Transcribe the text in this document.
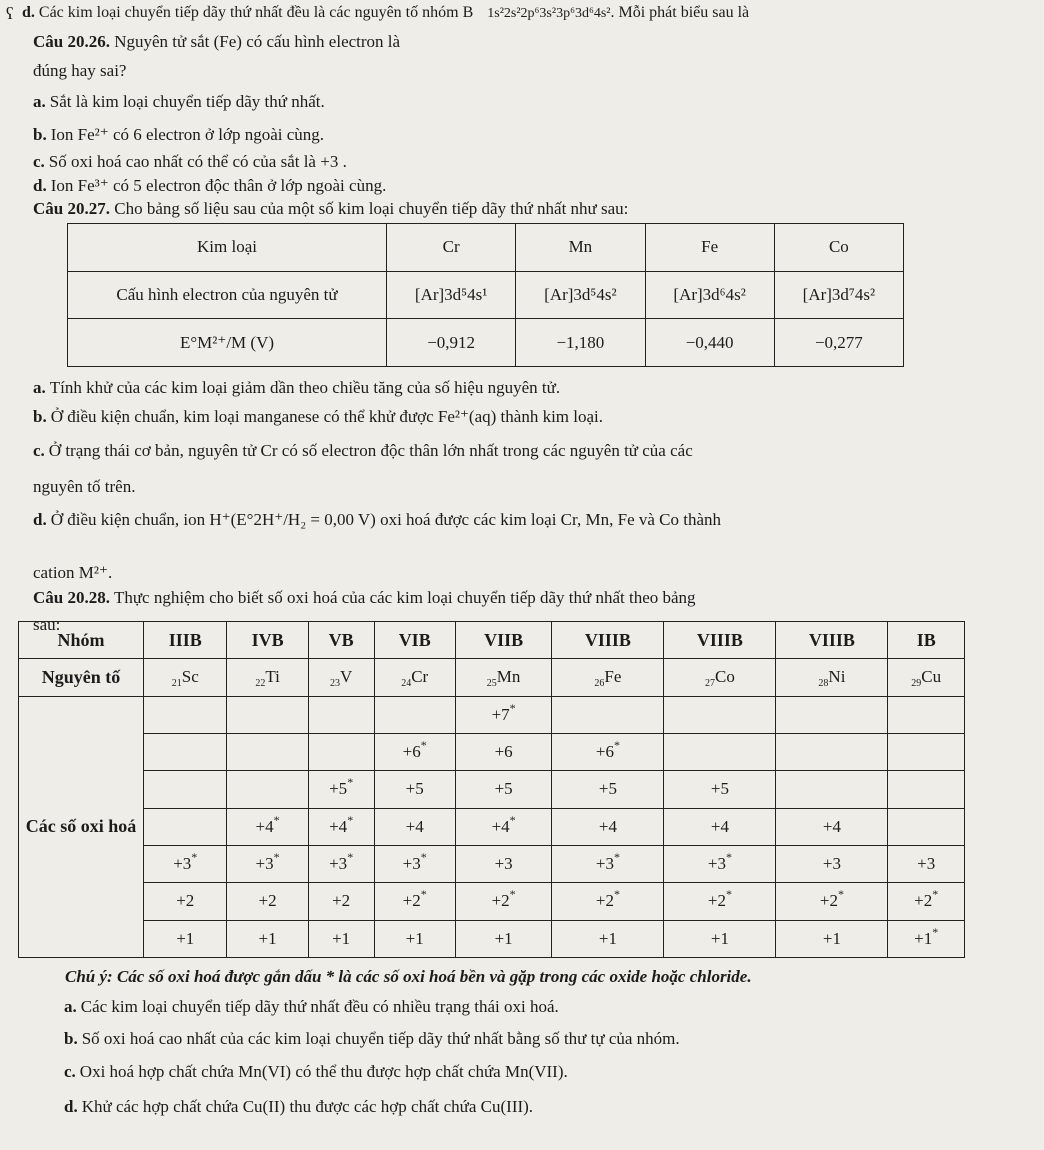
ʕ d. Các kim loại chuyển tiếp dãy thứ nhất đều là các nguyên tố nhóm B 1s²2s²2p⁶3s²3p⁶3d⁶4s². Mỗi phát biểu sau là
Câu 20.26. Nguyên tử sắt (Fe) có cấu hình electron là
đúng hay sai?
a. Sắt là kim loại chuyển tiếp dãy thứ nhất.
b. Ion Fe²⁺ có 6 electron ở lớp ngoài cùng.
c. Số oxi hoá cao nhất có thể có của sắt là +3 .
d. Ion Fe³⁺ có 5 electron độc thân ở lớp ngoài cùng.
Câu 20.27. Cho bảng số liệu sau của một số kim loại chuyển tiếp dãy thứ nhất như sau:
Kim loại	Cr	Mn	Fe	Co
Cấu hình electron của nguyên tử	[Ar]3d⁵4s¹	[Ar]3d⁵4s²	[Ar]3d⁶4s²	[Ar]3d⁷4s²
E°M²⁺/M (V)	−0,912	−1,180	−0,440	−0,277
a. Tính khử của các kim loại giảm dần theo chiều tăng của số hiệu nguyên tử.
b. Ở điều kiện chuẩn, kim loại manganese có thể khử được Fe²⁺(aq) thành kim loại.
c. Ở trạng thái cơ bản, nguyên tử Cr có số electron độc thân lớn nhất trong các nguyên tử của các
nguyên tố trên.
d. Ở điều kiện chuẩn, ion H⁺(E°2H⁺/H₂ = 0,00 V) oxi hoá được các kim loại Cr, Mn, Fe và Co thành
cation M²⁺.
Câu 20.28. Thực nghiệm cho biết số oxi hoá của các kim loại chuyển tiếp dãy thứ nhất theo bảng
sau:
Nhóm	IIIB	IVB	VB	VIB	VIIB	VIIIB	VIIIB	VIIIB	IB
Nguyên tố	$_{21}$Sc	$_{22}$Ti	$_{23}$V	$_{24}$Cr	$_{25}$Mn	$_{26}$Fe	$_{27}$Co	$_{28}$Ni	$_{29}$Cu
Các số oxi hoá					+7*				
				+6*	+6	+6*			
			+5*	+5	+5	+5	+5		
		+4*	+4*	+4	+4*	+4	+4	+4	
	+3*	+3*	+3*	+3*	+3	+3*	+3*	+3	+3
	+2	+2	+2	+2*	+2*	+2*	+2*	+2*	+2*
	+1	+1	+1	+1	+1	+1	+1	+1	+1*
Chú ý: Các số oxi hoá được gắn dấu * là các số oxi hoá bền và gặp trong các oxide hoặc chloride.
a. Các kim loại chuyển tiếp dãy thứ nhất đều có nhiều trạng thái oxi hoá.
b. Số oxi hoá cao nhất của các kim loại chuyển tiếp dãy thứ nhất bằng số thư tự của nhóm.
c. Oxi hoá hợp chất chứa Mn(VI) có thể thu được hợp chất chứa Mn(VII).
d. Khử các hợp chất chứa Cu(II) thu được các hợp chất chứa Cu(III).
